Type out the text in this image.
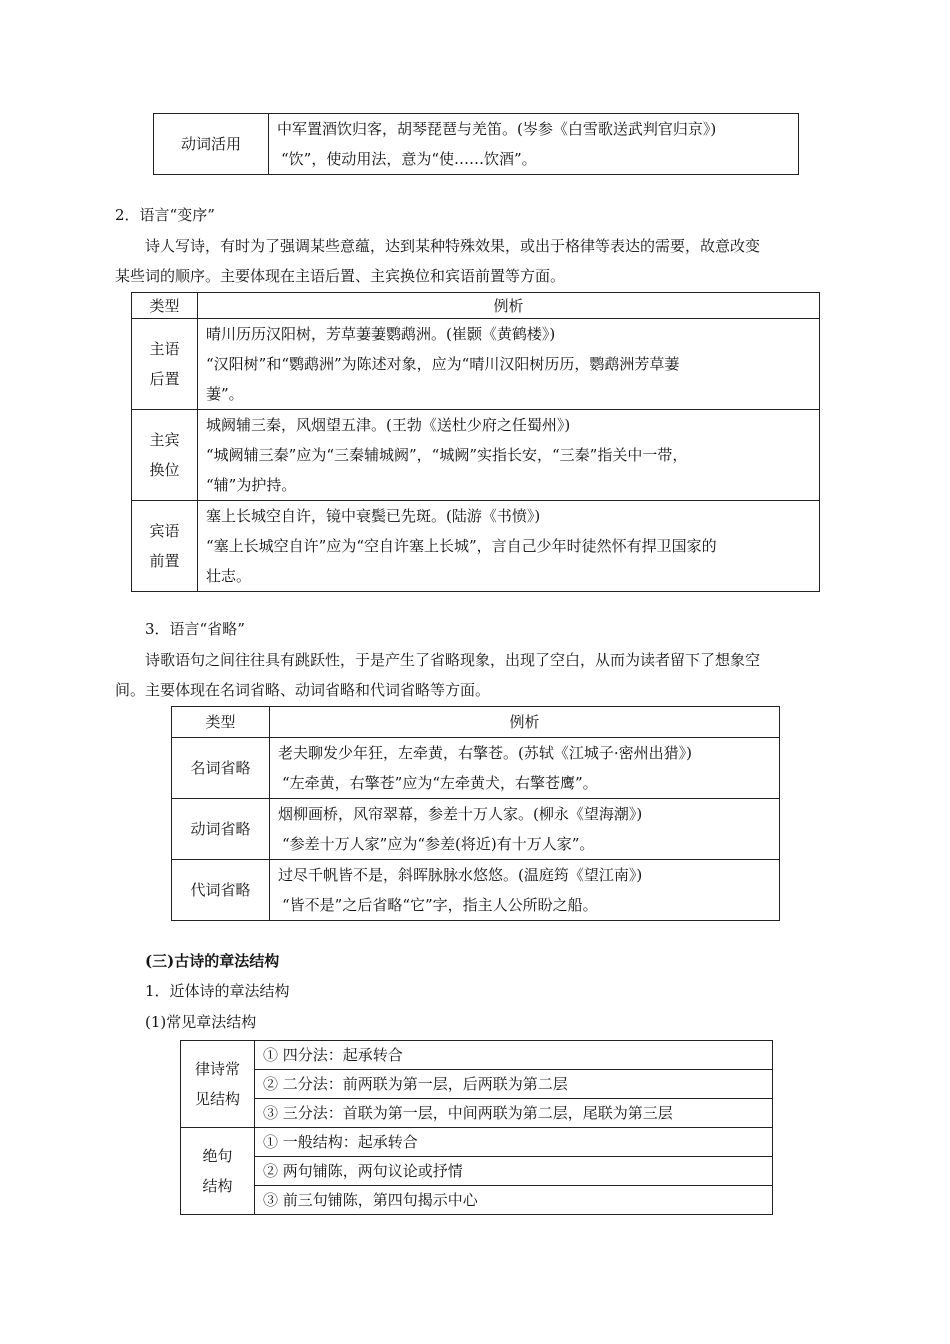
动词活用	
中军置酒饮归客，胡琴琵琶与羌笛。(岑参《白雪歌送武判官归京》)
“饮”，使动用法，意为“使……饮酒”。
2．语言“变序”
诗人写诗，有时为了强调某些意蕴，达到某种特殊效果，或出于格律等表达的需要，故意改变
某些词的顺序。主要体现在主语后置、主宾换位和宾语前置等方面。
类型	例析

主语
后置	晴川历历汉阳树，芳草萋萋鹦鹉洲。(崔颢《黄鹤楼》)
“汉阳树”和“鹦鹉洲”为陈述对象，应为“晴川汉阳树历历，鹦鹉洲芳草萋
萋”。

主宾
换位	城阙辅三秦，风烟望五津。(王勃《送杜少府之任蜀州》)
“城阙辅三秦”应为“三秦辅城阙”，“城阙”实指长安，“三秦”指关中一带，
“辅”为护持。

宾语
前置	塞上长城空自许，镜中衰鬓已先斑。(陆游《书愤》)
“塞上长城空自许”应为“空自许塞上长城”，言自己少年时徒然怀有捍卫国家的
壮志。
3．语言“省略”
诗歌语句之间往往具有跳跃性，于是产生了省略现象，出现了空白，从而为读者留下了想象空
间。主要体现在名词省略、动词省略和代词省略等方面。
类型	例析
名词省略	老夫聊发少年狂，左牵黄，右擎苍。(苏轼《江城子·密州出猎》)
“左牵黄，右擎苍”应为“左牵黄犬，右擎苍鹰”。

动词省略	烟柳画桥，风帘翠幕，参差十万人家。(柳永《望海潮》)
“参差十万人家”应为“参差(将近)有十万人家”。

代词省略	过尽千帆皆不是，斜晖脉脉水悠悠。(温庭筠《望江南》)
“皆不是”之后省略“它”字，指主人公所盼之船。
(三)古诗的章法结构
1．近体诗的章法结构
(1)常见章法结构
律诗常
见结构	① 四分法：起承转合
	② 二分法：前两联为第一层，后两联为第二层
	③ 三分法：首联为第一层，中间两联为第二层，尾联为第三层

绝句
结构	① 一般结构：起承转合
	② 两句铺陈，两句议论或抒情
	③ 前三句铺陈，第四句揭示中心
